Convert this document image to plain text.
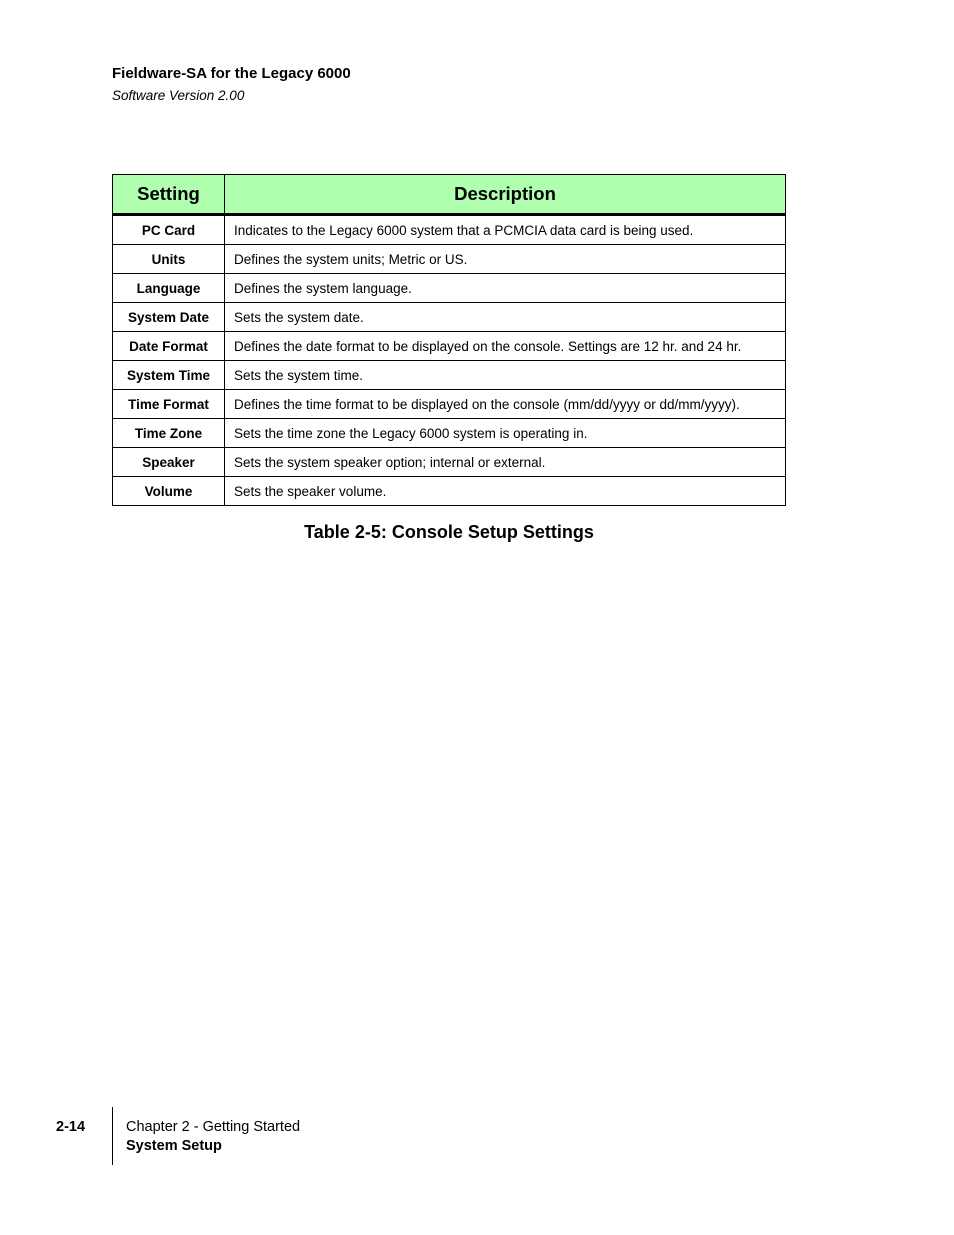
Fieldware-SA for the Legacy 6000
Software Version 2.00
Setting	Description
PC Card	Indicates to the Legacy 6000 system that a PCMCIA data card is being used.
Units	Defines the system units; Metric or US.
Language	Defines the system language.
System Date	Sets the system date.
Date Format	Defines the date format to be displayed on the console. Settings are 12 hr. and 24 hr.
System Time	Sets the system time.
Time Format	Defines the time format to be displayed on the console (mm/dd/yyyy or dd/mm/yyyy).
Time Zone	Sets the time zone the Legacy 6000 system is operating in.
Speaker	Sets the system speaker option; internal or external.
Volume	Sets the speaker volume.
Table 2-5: Console Setup Settings
2-14	Chapter 2 - Getting Started
System Setup
